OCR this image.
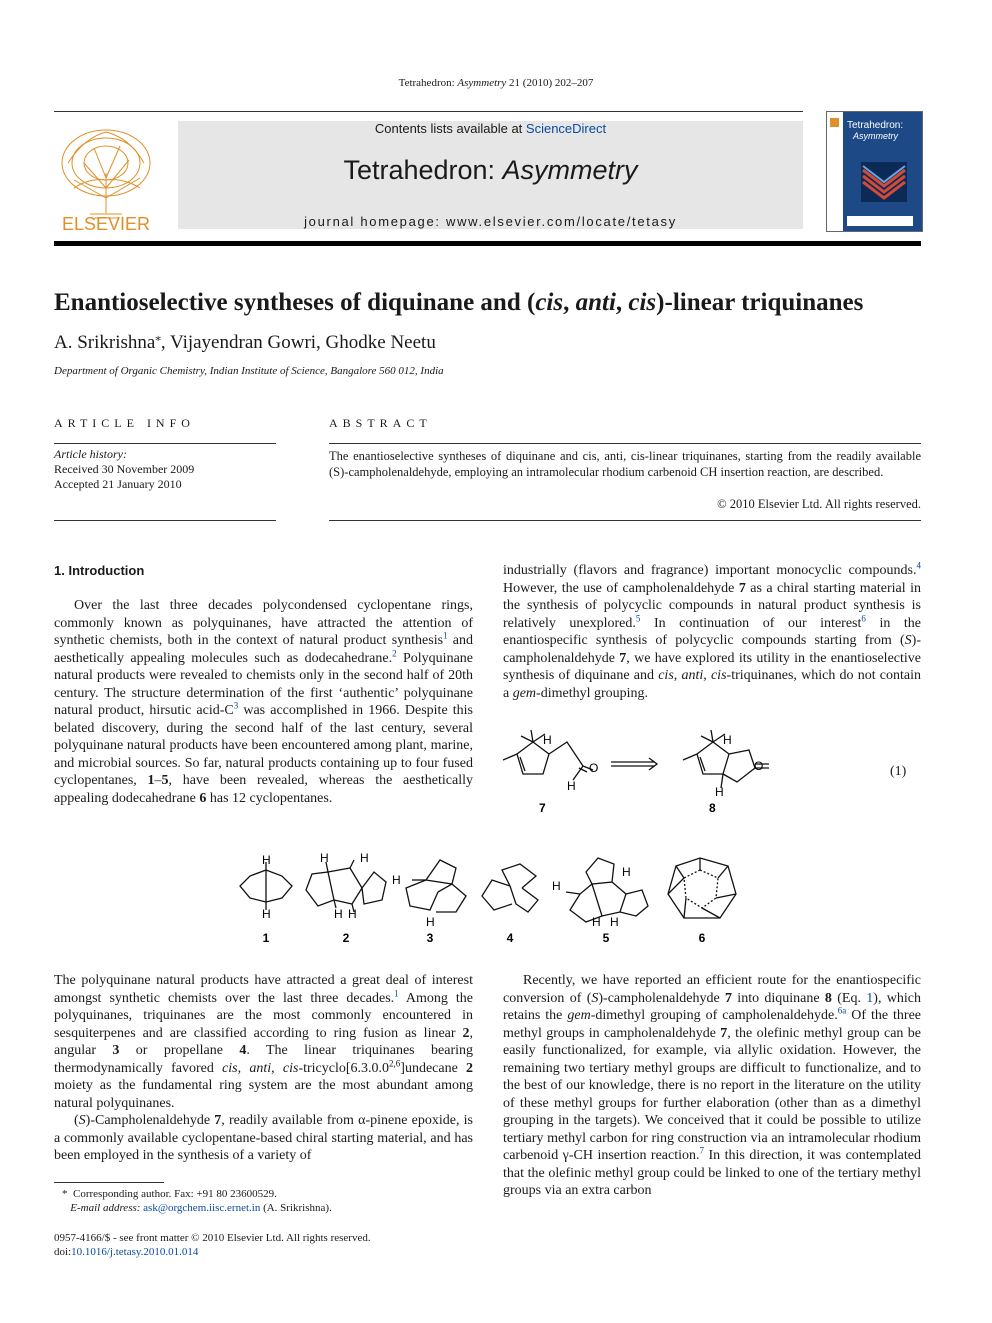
Tetrahedron: Asymmetry 21 (2010) 202–207
ELSEVIER
Contents lists available at ScienceDirect
Tetrahedron: Asymmetry
journal homepage: www.elsevier.com/locate/tetasy
Tetrahedron:
Asymmetry
Enantioselective syntheses of diquinane and (cis, anti, cis)-linear triquinanes
A. Srikrishna⁎, Vijayendran Gowri, Ghodke Neetu
Department of Organic Chemistry, Indian Institute of Science, Bangalore 560 012, India
ARTICLE INFO
Article history:
Received 30 November 2009
Accepted 21 January 2010
ABSTRACT
The enantioselective syntheses of diquinane and cis, anti, cis-linear triquinanes, starting from the readily available (S)-campholenaldehyde, employing an intramolecular rhodium carbenoid CH insertion reaction, are described.
© 2010 Elsevier Ltd. All rights reserved.
1. Introduction

Over the last three decades polycondensed cyclopentane rings, commonly known as polyquinanes, have attracted the attention of synthetic chemists, both in the context of natural product synthesis$^1$ and aesthetically appealing molecules such as dodecahedrane.$^2$ Polyquinane natural products were revealed to chemists only in the second half of 20th century. The structure determination of the first ‘authentic’ polyquinane natural product, hirsutic acid-$C^3$ was accomplished in 1966. Despite this belated discovery, during the second half of the last century, several polyquinane natural products have been encountered among plant, marine, and microbial sources. So far, natural products containing up to four fused cyclopentanes, 1–5, have been revealed, whereas the aesthetically appealing dodecahedrane 6 has 12 cyclopentanes.

industrially (flavors and fragrance) important monocyclic compounds.$^4$ However, the use of campholenaldehyde 7 as a chiral starting material in the synthesis of polycyclic compounds in natural product synthesis is relatively unexplored.$^5$ In continuation of our interest$^6$ in the enantiospecific synthesis of polycyclic compounds starting from (S)-campholenaldehyde 7, we have explored its utility in the enantioselective synthesis of diquinane and cis, anti, cis-triquinanes, which do not contain a gem-dimethyl grouping.

H
O
H
H
O
H
7	8
(1)
H
H
H	H
H H
H
H
H
H
H H
1	2	3	4	5	6

The polyquinane natural products have attracted a great deal of interest amongst synthetic chemists over the last three decades.$^1$ Among the polyquinanes, triquinanes are the most commonly encountered in sesquiterpenes and are classified according to ring fusion as linear 2, angular 3 or propellane 4. The linear triquinanes bearing thermodynamically favored cis, anti, cis-tricyclo[6.3.0.0$^{2,6}$]undecane 2 moiety as the fundamental ring system are the most abundant among natural polyquinanes.

(S)-Campholenaldehyde 7, readily available from α-pinene epoxide, is a commonly available cyclopentane-based chiral starting material, and has been employed in the synthesis of a variety of

* Corresponding author. Fax: +91 80 23600529.
E-mail address: ask@orgchem.iisc.ernet.in (A. Srikrishna).
0957-4166/$ - see front matter © 2010 Elsevier Ltd. All rights reserved.
doi:10.1016/j.tetasy.2010.01.014

Recently, we have reported an efficient route for the enantiospecific conversion of (S)-campholenaldehyde 7 into diquinane 8 (Eq. 1), which retains the gem-dimethyl grouping of campholenaldehyde.$^{6a}$ Of the three methyl groups in campholenaldehyde 7, the olefinic methyl group can be easily functionalized, for example, via allylic oxidation. However, the remaining two tertiary methyl groups are difficult to functionalize, and to the best of our knowledge, there is no report in the literature on the utility of these methyl groups for further elaboration (other than as a dimethyl grouping in the targets). We conceived that it could be possible to utilize tertiary methyl carbon for ring construction via an intramolecular rhodium carbenoid γ-CH insertion reaction.$^7$ In this direction, it was contemplated that the olefinic methyl group could be linked to one of the tertiary methyl groups via an extra carbon
